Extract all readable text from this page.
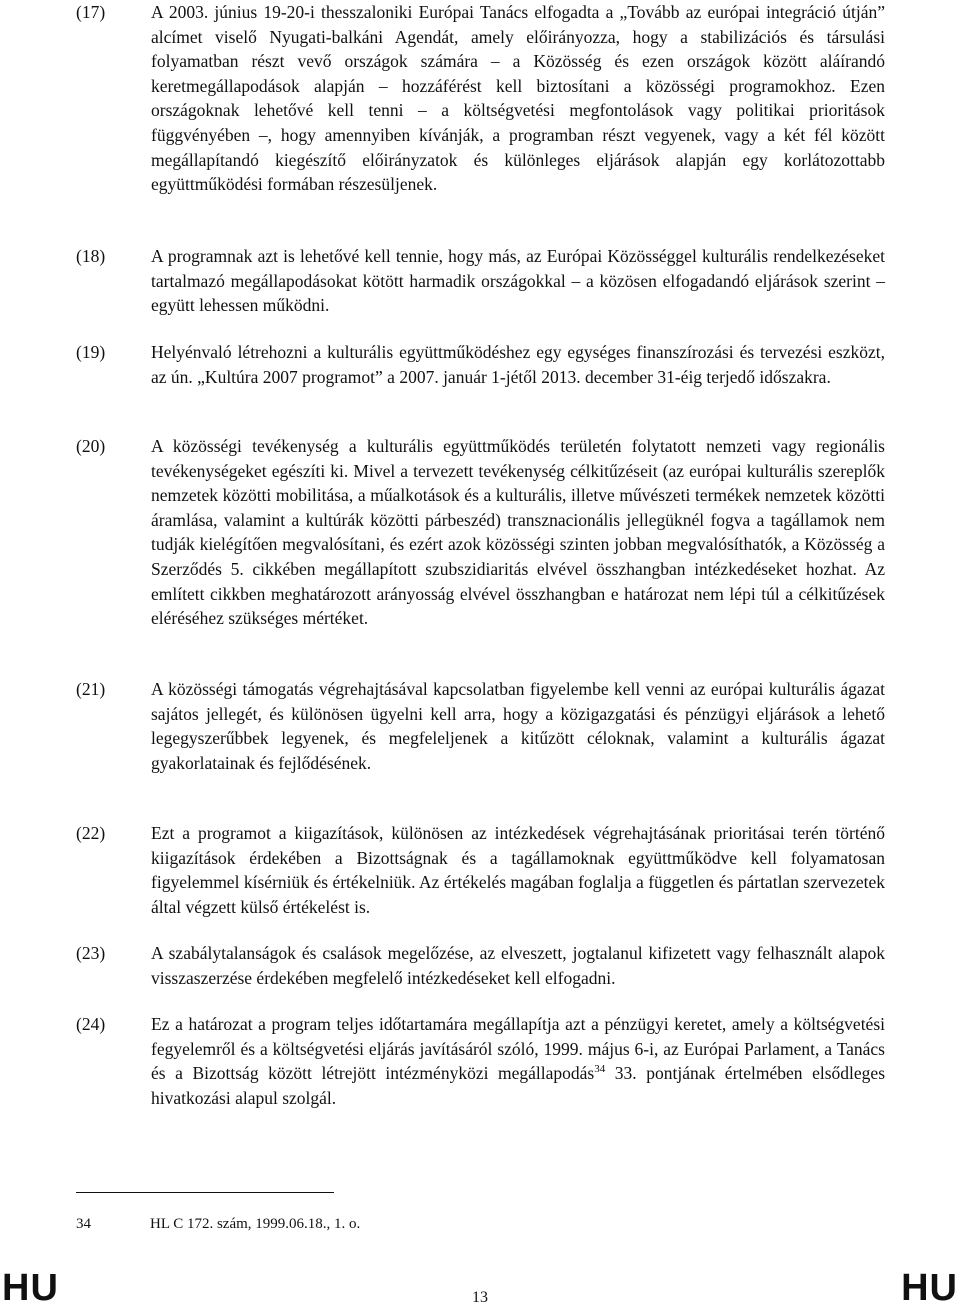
(17)	A 2003. június 19-20-i thesszaloniki Európai Tanács elfogadta a „Tovább az európai integráció útján” alcímet viselő Nyugati-balkáni Agendát, amely előirányozza, hogy a stabilizációs és társulási folyamatban részt vevő országok számára – a Közösség és ezen országok között aláírandó keretmegállapodások alapján – hozzáférést kell biztosítani a közösségi programokhoz. Ezen országoknak lehetővé kell tenni – a költségvetési megfontolások vagy politikai prioritások függvényében –, hogy amennyiben kívánják, a programban részt vegyenek, vagy a két fél között megállapítandó kiegészítő előirányzatok és különleges eljárások alapján egy korlátozottabb együttműködési formában részesüljenek.
(18)	A programnak azt is lehetővé kell tennie, hogy más, az Európai Közösséggel kulturális rendelkezéseket tartalmazó megállapodásokat kötött harmadik országokkal – a közösen elfogadandó eljárások szerint – együtt lehessen működni.
(19)	Helyénvaló létrehozni a kulturális együttműködéshez egy egységes finanszírozási és tervezési eszközt, az ún. „Kultúra 2007 programot” a 2007. január 1-jétől 2013. december 31-éig terjedő időszakra.
(20)	A közösségi tevékenység a kulturális együttműködés területén folytatott nemzeti vagy regionális tevékenységeket egészíti ki. Mivel a tervezett tevékenység célkitűzéseit (az európai kulturális szereplők nemzetek közötti mobilitása, a műalkotások és a kulturális, illetve művészeti termékek nemzetek közötti áramlása, valamint a kultúrák közötti párbeszéd) transznacionális jellegüknél fogva a tagállamok nem tudják kielégítően megvalósítani, és ezért azok közösségi szinten jobban megvalósíthatók, a Közösség a Szerződés 5. cikkében megállapított szubszidiaritás elvével összhangban intézkedéseket hozhat. Az említett cikkben meghatározott arányosság elvével összhangban e határozat nem lépi túl a célkitűzések eléréséhez szükséges mértéket.
(21)	A közösségi támogatás végrehajtásával kapcsolatban figyelembe kell venni az európai kulturális ágazat sajátos jellegét, és különösen ügyelni kell arra, hogy a közigazgatási és pénzügyi eljárások a lehető legegyszerűbbek legyenek, és megfeleljenek a kitűzött céloknak, valamint a kulturális ágazat gyakorlatainak és fejlődésének.
(22)	Ezt a programot a kiigazítások, különösen az intézkedések végrehajtásának prioritásai terén történő kiigazítások érdekében a Bizottságnak és a tagállamoknak együttműködve kell folyamatosan figyelemmel kísérniük és értékelniük. Az értékelés magában foglalja a független és pártatlan szervezetek által végzett külső értékelést is.
(23)	A szabálytalanságok és csalások megelőzése, az elveszett, jogtalanul kifizetett vagy felhasznált alapok visszaszerzése érdekében megfelelő intézkedéseket kell elfogadni.
(24)	Ez a határozat a program teljes időtartamára megállapítja azt a pénzügyi keretet, amely a költségvetési fegyelemről és a költségvetési eljárás javításáról szóló, 1999. május 6-i, az Európai Parlament, a Tanács és a Bizottság között létrejött intézményközi megállapodás$^{34}$ 33. pontjának értelmében elsődleges hivatkozási alapul szolgál.
34	HL C 172. szám, 1999.06.18., 1. o.
HU	13	HU
